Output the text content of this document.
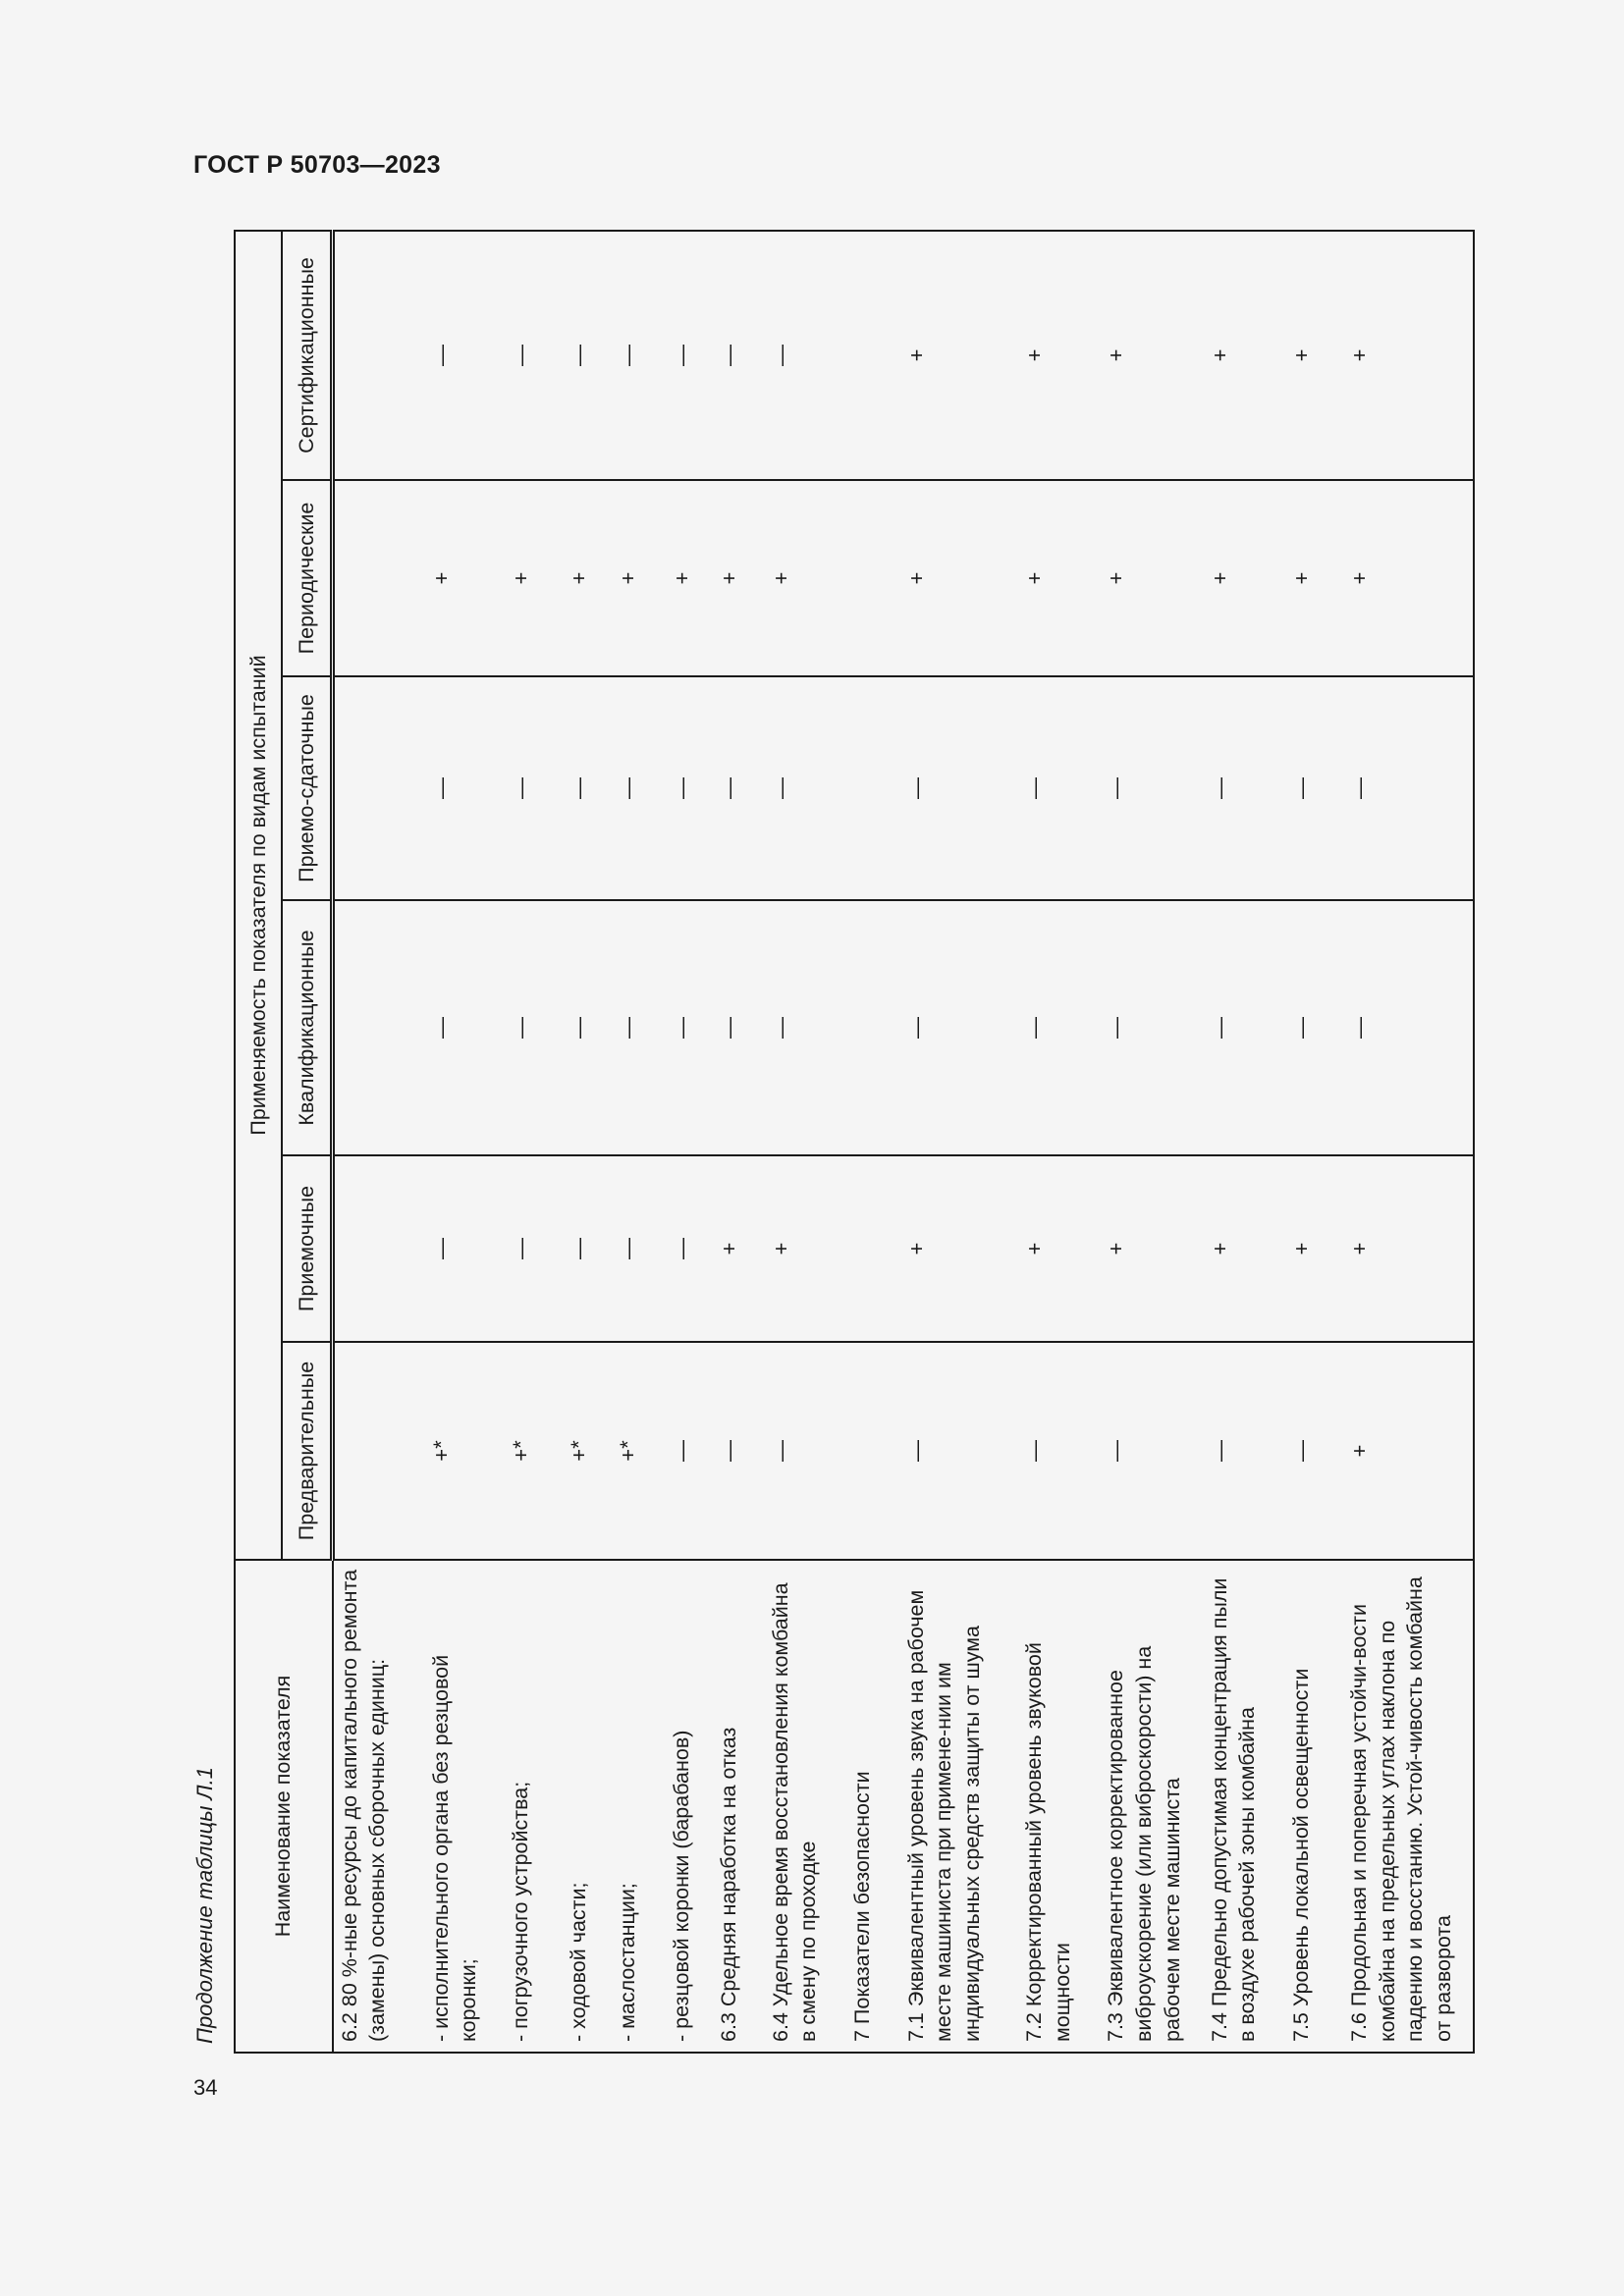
ГОСТ Р 50703—2023
Продолжение таблицы Л.1	Наименование показателя	Применяемость показателя по видам испытаний					
	Предварительные	Приемочные	Квалификационные	Приемо-сдаточные	Периодические	Сертификационные
6.2 80 %-ные ресурсы до капитального ремонта (замены) основных сборочных единиц:						
- исполнительного органа без резцовой коронки;	+*	—	—	—	+	—
- погрузочного устройства;	+*	—	—	—	+	—
- ходовой части;	+*	—	—	—	+	—
- маслостанции;	+*	—	—	—	+	—
- резцовой коронки (барабанов)	—	—	—	—	+	—
6.3 Средняя наработка на отказ	—	+	—	—	+	—
6.4 Удельное время восстановления комбайна в смену по проходке	—	+	—	—	+	—
7 Показатели безопасности						
7.1 Эквивалентный уровень звука на рабочем месте машиниста при примене-нии им индивидуальных средств защиты от шума	—	+	—	—	+	+
7.2 Корректированный уровень звуковой мощности	—	+	—	—	+	+
7.3 Эквивалентное корректированное виброускорение (или виброскорости) на рабочем месте машиниста	—	+	—	—	+	+
7.4 Предельно допустимая концентрация пыли в воздухе рабочей зоны комбайна	—	+	—	—	+	+
7.5 Уровень локальной освещенности	—	+	—	—	+	+
7.6 Продольная и поперечная устойчи-вости комбайна на предельных углах наклона по падению и восстанию. Устой-чивость комбайна от разворота	+	+	—	—	+	+
34
